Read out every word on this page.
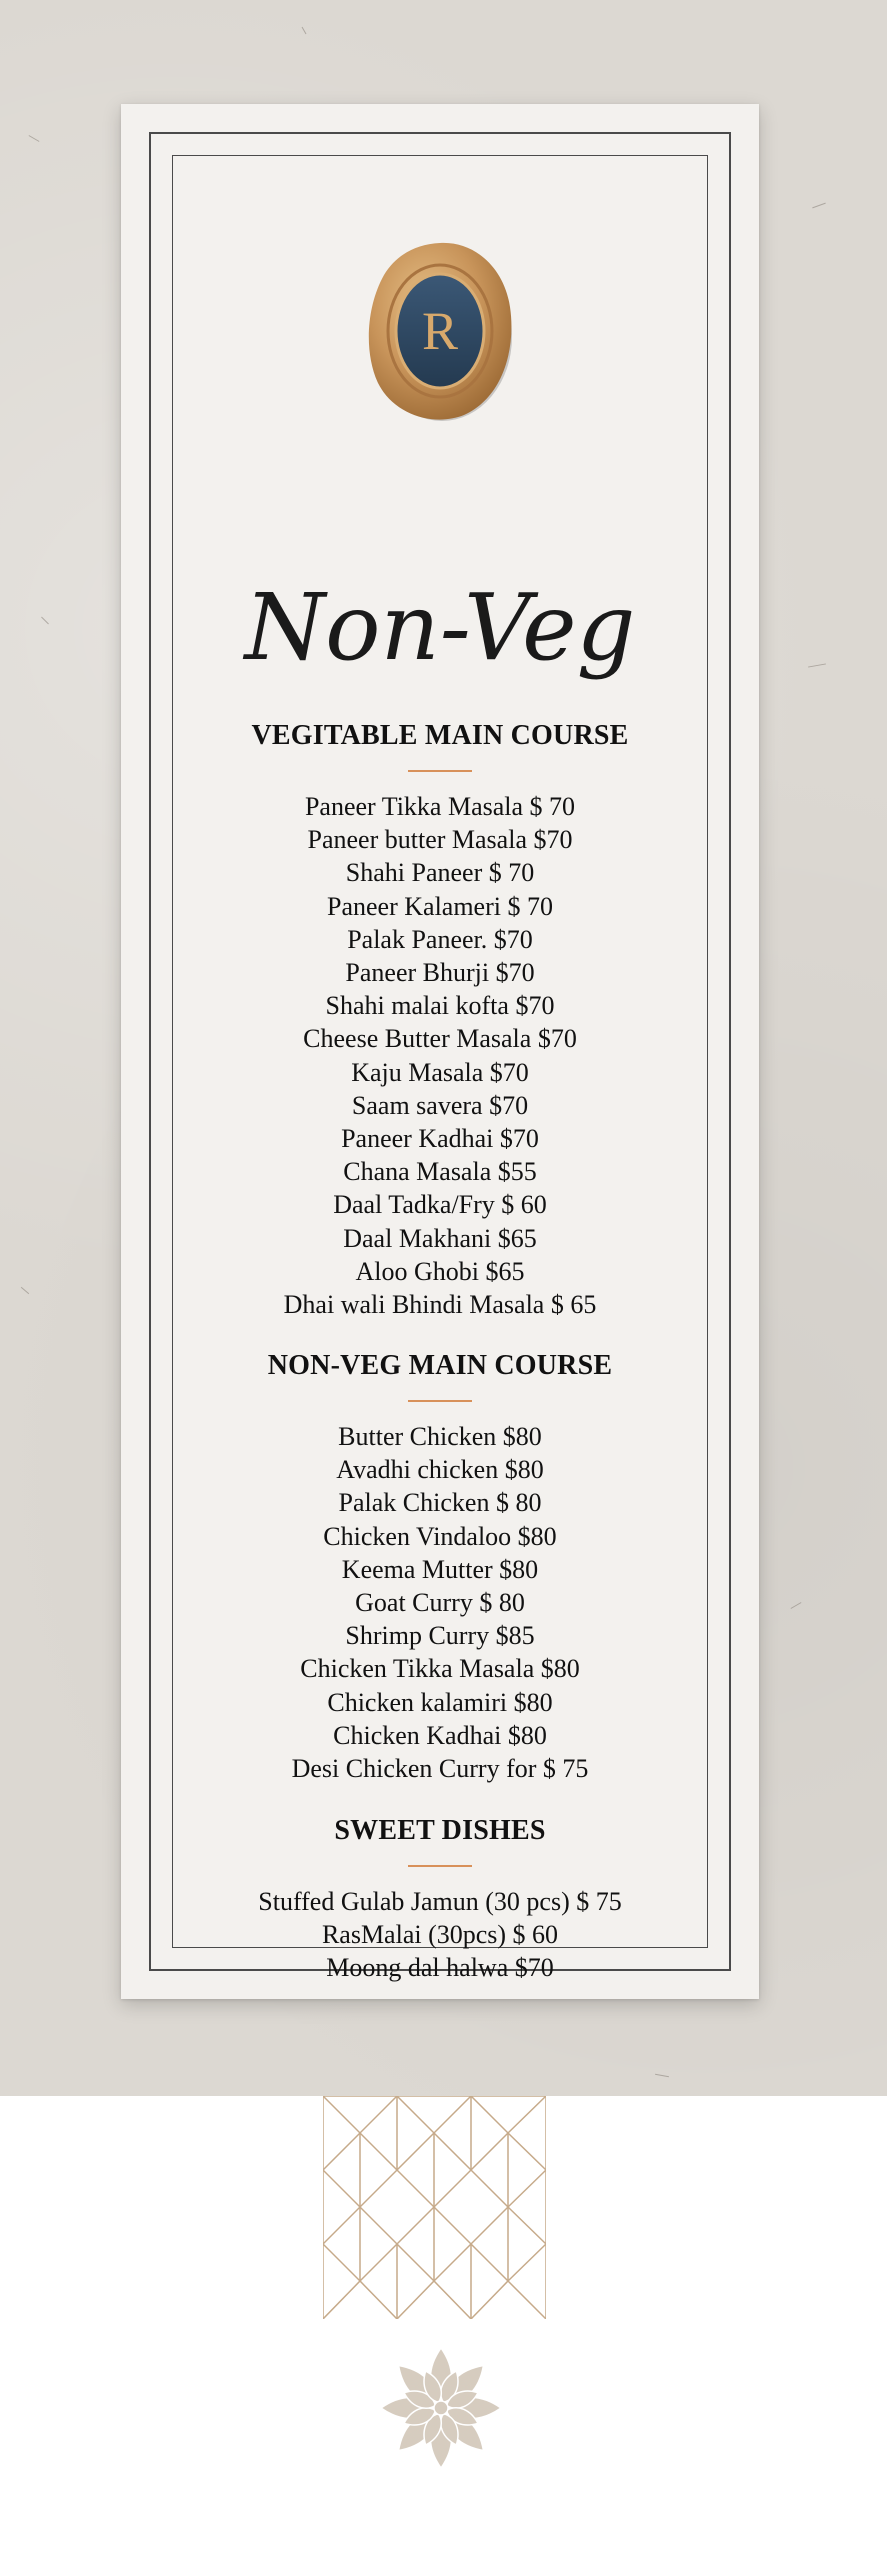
R
Non-Veg
VEGITABLE MAIN COURSE
Paneer Tikka Masala $ 70
Paneer butter Masala $70
Shahi Paneer $ 70
Paneer Kalameri $ 70
Palak Paneer. $70
Paneer Bhurji $70
Shahi malai kofta $70
Cheese Butter Masala $70
Kaju Masala $70
Saam savera $70
Paneer Kadhai $70
Chana Masala $55
Daal Tadka/Fry $ 60
Daal Makhani $65
Aloo Ghobi $65
Dhai wali Bhindi Masala $ 65
NON-VEG MAIN COURSE
Butter Chicken $80
Avadhi chicken $80
Palak Chicken $ 80
Chicken Vindaloo $80
Keema Mutter $80
Goat Curry $ 80
Shrimp Curry $85
Chicken Tikka Masala $80
Chicken kalamiri $80
Chicken Kadhai $80
Desi Chicken Curry for $ 75
SWEET DISHES
Stuffed Gulab Jamun (30 pcs) $ 75
RasMalai (30pcs) $ 60
Moong dal halwa $70
